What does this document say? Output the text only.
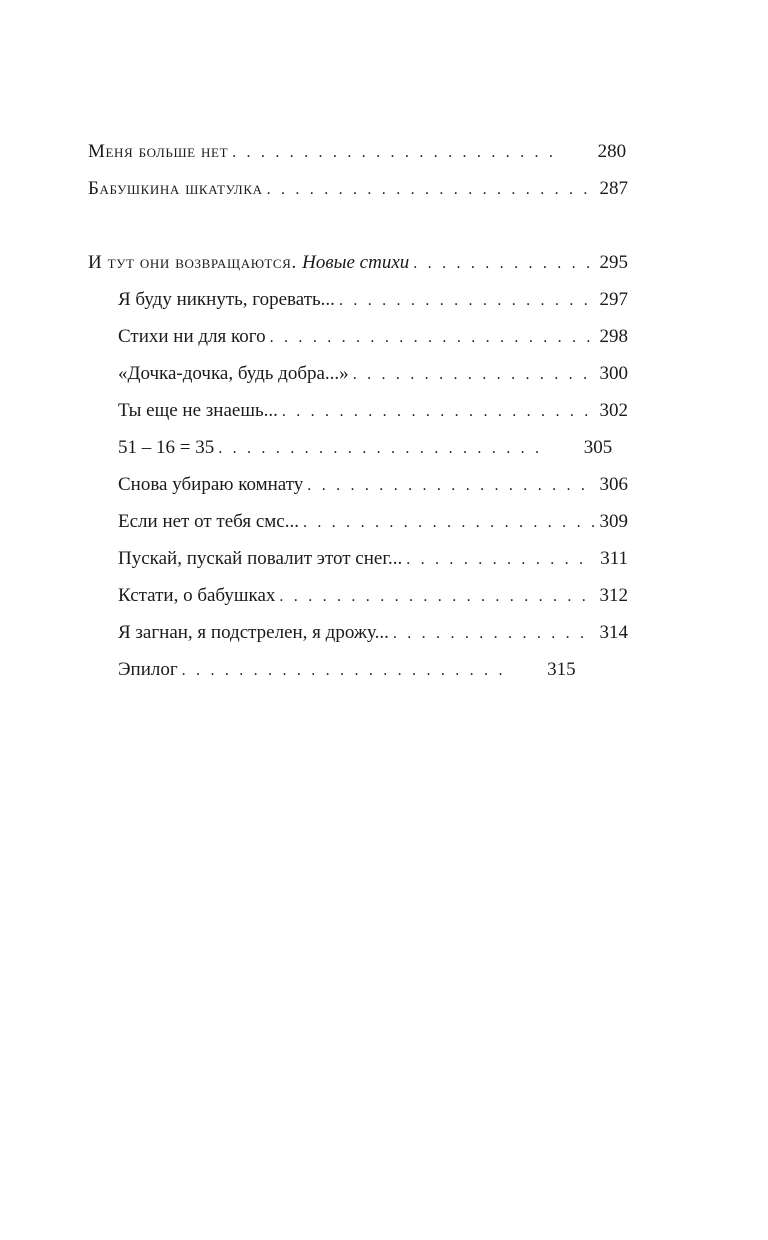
Меня больше нет . . .	280
Бабушкина шкатулка . . .	287
И тут они возвращаются. Новые стихи . . .	295
Я буду никнуть, горевать... . . .	297
Стихи ни для кого . . .	298
«Дочка-дочка, будь добра...» . . .	300
Ты еще не знаешь... . . .	302
51 – 16 = 35 . . .	305
Снова убираю комнату . . .	306
Если нет от тебя смс... . . .	309
Пускай, пускай повалит этот снег... . . .	311
Кстати, о бабушках . . .	312
Я загнан, я подстрелен, я дрожу... . . .	314
Эпилог . . .	315
